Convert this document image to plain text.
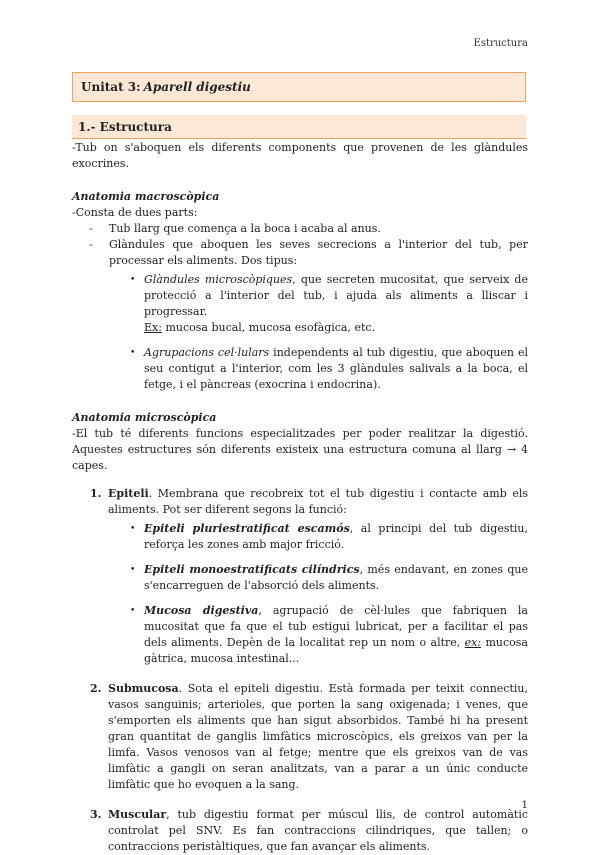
Estructura
Unitat 3: Aparell digestiu
1.- Estructura

-Tub on s'aboquen els diferents components que provenen de les glàndules exocrines.

Anatomia macroscòpica

-Consta de dues parts:

- Tub llarg que comença a la boca i acaba al anus.
- Glàndules que aboquen les seves secrecions a l'interior del tub, per processar els aliments. Dos tipus:
• Glàndules microscòpiques, que secreten mucositat, que serveix de protecció a l'interior del tub, i ajuda als aliments a lliscar i progressar.
Ex: mucosa bucal, mucosa esofàgica, etc.
• Agrupacions cel·lulars independents al tub digestiu, que aboquen el seu contigut a l'interior, com les 3 glàndules salivals a la boca, el fetge, i el pàncreas (exocrina i endocrina).

Anatomia microscòpica

-El tub té diferents funcions especialitzades per poder realitzar la digestió. Aquestes estructures són diferents existeix una estructura comuna al llarg → 4 capes.

1. Epiteli. Membrana que recobreix tot el tub digestiu i contacte amb els aliments. Pot ser diferent segons la funció:
• Epiteli pluriestratificat escamós, al principi del tub digestiu, reforça les zones amb major fricció.
• Epiteli monoestratificats cilíndrics, més endavant, en zones que s'encarreguen de l'absorció dels aliments.
• Mucosa digestiva, agrupació de cèl·lules que fabriquen la mucositat que fa que el tub estigui lubricat, per a facilitar el pas dels aliments. Depèn de la localitat rep un nom o altre, ex: mucosa gàtrica, mucosa intestinal...
2. Submucosa. Sota el epiteli digestiu. Està formada per teixit connectiu, vasos sanguinis; arterioles, que porten la sang oxigenada; i venes, que s'emporten els aliments que han sigut absorbidos. També hi ha present gran quantitat de ganglis limfàtics microscòpics, els greixos van per la limfa. Vasos venosos van al fetge; mentre que els greixos van de vas limfàtic a gangli on seran analitzats, van a parar a un únic conducte limfàtic que ho evoquen a la sang.
3. Muscular, tub digestiu format per múscul llis, de control automàtic controlat pel SNV. Es fan contraccions cilindriques, que tallen; o contraccions peristàltiques, que fan avançar els aliments.
1
